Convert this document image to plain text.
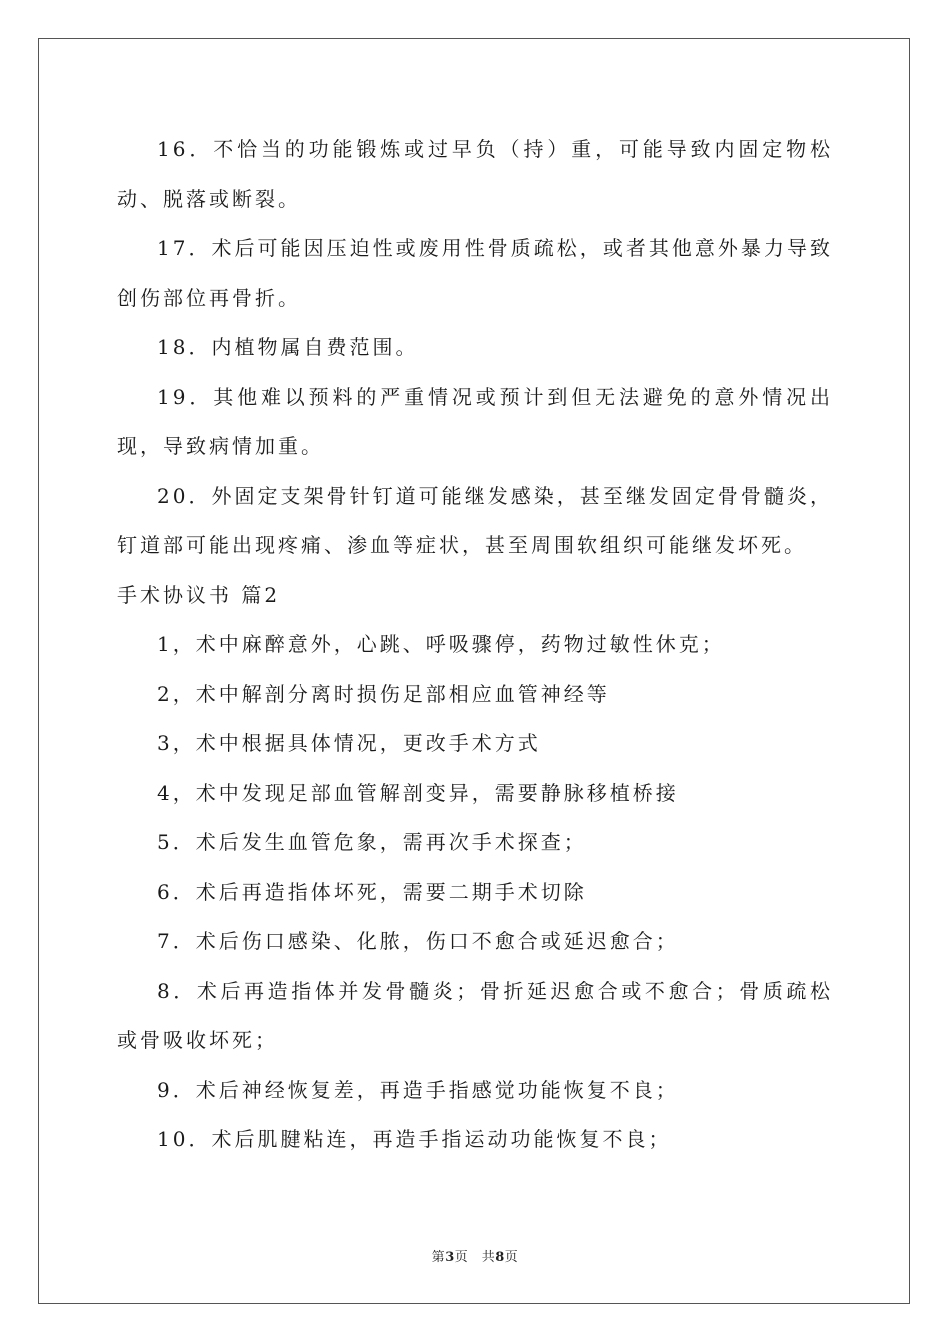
16．不恰当的功能锻炼或过早负（持）重，可能导致内固定物松动、脱落或断裂。

17．术后可能因压迫性或废用性骨质疏松，或者其他意外暴力导致创伤部位再骨折。

18．内植物属自费范围。

19．其他难以预料的严重情况或预计到但无法避免的意外情况出现，导致病情加重。

20．外固定支架骨针钉道可能继发感染，甚至继发固定骨骨髓炎，钉道部可能出现疼痛、渗血等症状，甚至周围软组织可能继发坏死。

手术协议书 篇2

1，术中麻醉意外，心跳、呼吸骤停，药物过敏性休克；

2，术中解剖分离时损伤足部相应血管神经等

3，术中根据具体情况，更改手术方式

4，术中发现足部血管解剖变异，需要静脉移植桥接

5．术后发生血管危象，需再次手术探查；

6．术后再造指体坏死，需要二期手术切除

7．术后伤口感染、化脓，伤口不愈合或延迟愈合；

8．术后再造指体并发骨髓炎；骨折延迟愈合或不愈合；骨质疏松或骨吸收坏死；

9．术后神经恢复差，再造手指感觉功能恢复不良；

10．术后肌腱粘连，再造手指运动功能恢复不良；

第3页　共8页
